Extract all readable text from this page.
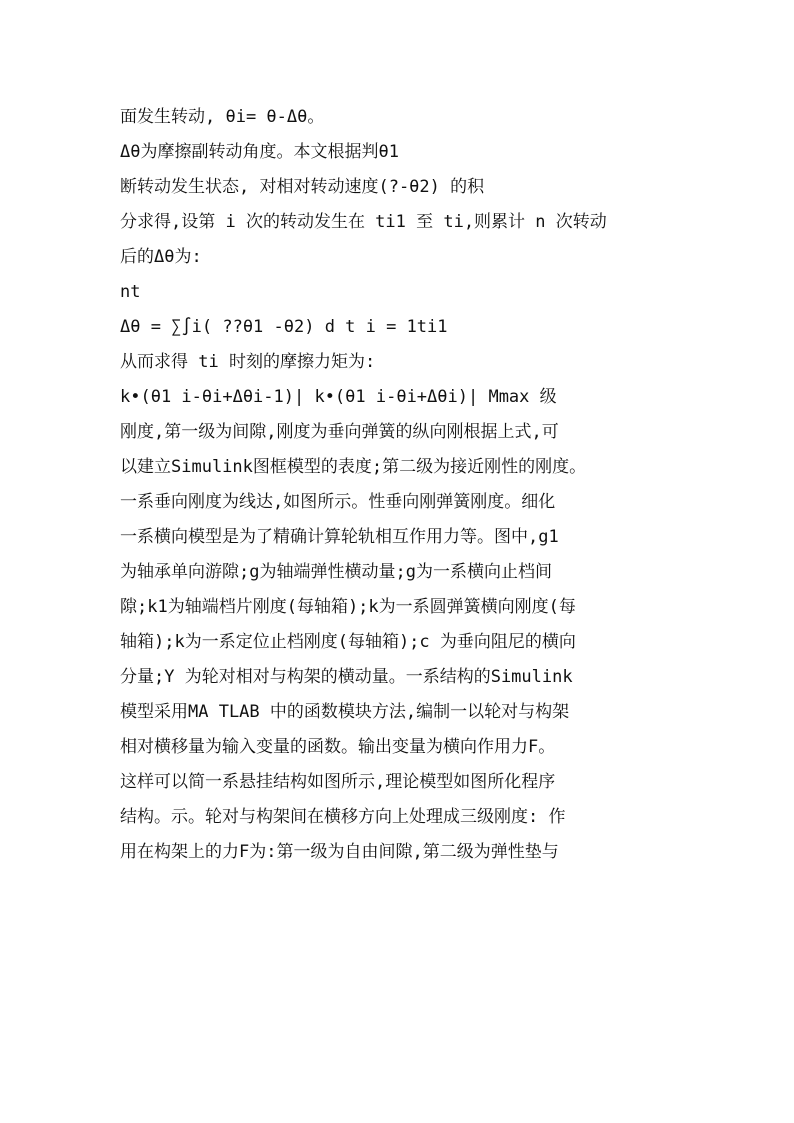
面发生转动, θi= θ-Δθ。
Δθ为摩擦副转动角度。本文根据判θ1
断转动发生状态, 对相对转动速度(?-θ2) 的积
分求得,设第 i 次的转动发生在 ti1 至 ti,则累计 n 次转动
后的Δθ为:
nt
Δθ = ∑∫i( ??θ1 -θ2) d t i = 1ti1
从而求得 ti 时刻的摩擦力矩为:
k•(θ1 i-θi+Δθi-1)| k•(θ1 i-θi+Δθi)| Mmax 级
刚度,第一级为间隙,刚度为垂向弹簧的纵向刚根据上式,可
以建立Simulink图框模型的表度;第二级为接近刚性的刚度。
一系垂向刚度为线达,如图所示。性垂向刚弹簧刚度。细化
一系横向模型是为了精确计算轮轨相互作用力等。图中,g1
为轴承单向游隙;g为轴端弹性横动量;g为一系横向止档间
隙;k1为轴端档片刚度(每轴箱);k为一系圆弹簧横向刚度(每
轴箱);k为一系定位止档刚度(每轴箱);c 为垂向阻尼的横向
分量;Y 为轮对相对与构架的横动量。一系结构的Simulink
模型采用MA TLAB 中的函数模块方法,编制一以轮对与构架
相对横移量为输入变量的函数。输出变量为横向作用力F。
这样可以简一系悬挂结构如图所示,理论模型如图所化程序
结构。示。轮对与构架间在横移方向上处理成三级刚度: 作
用在构架上的力F为:第一级为自由间隙,第二级为弹性垫与
